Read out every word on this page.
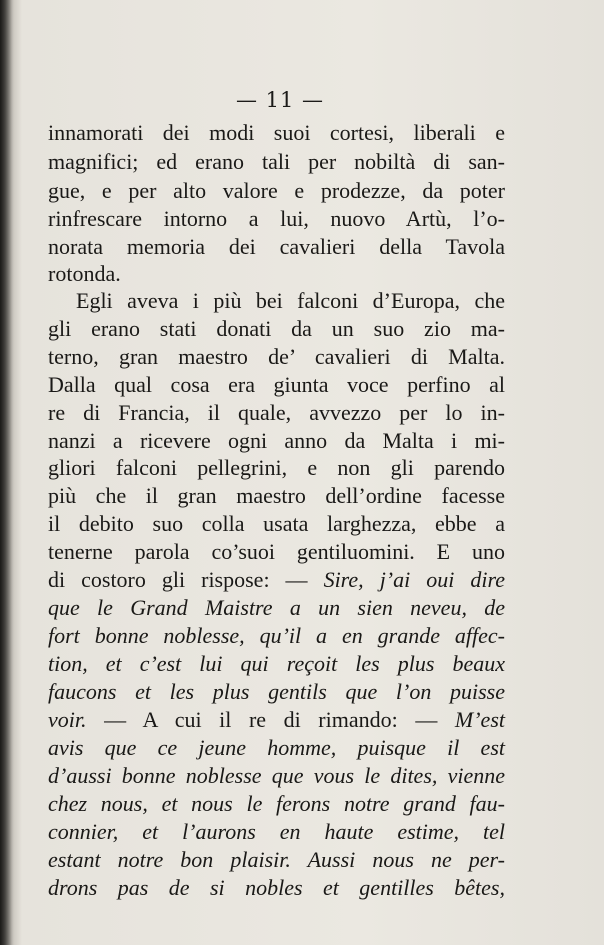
— 11 —
innamorati dei modi suoi cortesi, liberali e
magnifici; ed erano tali per nobiltà di san-
gue, e per alto valore e prodezze, da poter
rinfrescare intorno a lui, nuovo Artù, l’o-
norata memoria dei cavalieri della Tavola
rotonda.
Egli aveva i più bei falconi d’Europa, che
gli erano stati donati da un suo zio ma-
terno, gran maestro de’ cavalieri di Malta.
Dalla qual cosa era giunta voce perfino al
re di Francia, il quale, avvezzo per lo in-
nanzi a ricevere ogni anno da Malta i mi-
gliori falconi pellegrini, e non gli parendo
più che il gran maestro dell’ordine facesse
il debito suo colla usata larghezza, ebbe a
tenerne parola co’suoi gentiluomini. E uno
di costoro gli rispose: — Sire, j’ai oui dire
que le Grand Maistre a un sien neveu, de
fort bonne noblesse, qu’il a en grande affec-
tion, et c’est lui qui reçoit les plus beaux
faucons et les plus gentils que l’on puisse
voir. — A cui il re di rimando: — M’est
avis que ce jeune homme, puisque il est
d’aussi bonne noblesse que vous le dites, vienne
chez nous, et nous le ferons notre grand fau-
connier, et l’aurons en haute estime, tel
estant notre bon plaisir. Aussi nous ne per-
drons pas de si nobles et gentilles bêtes,
